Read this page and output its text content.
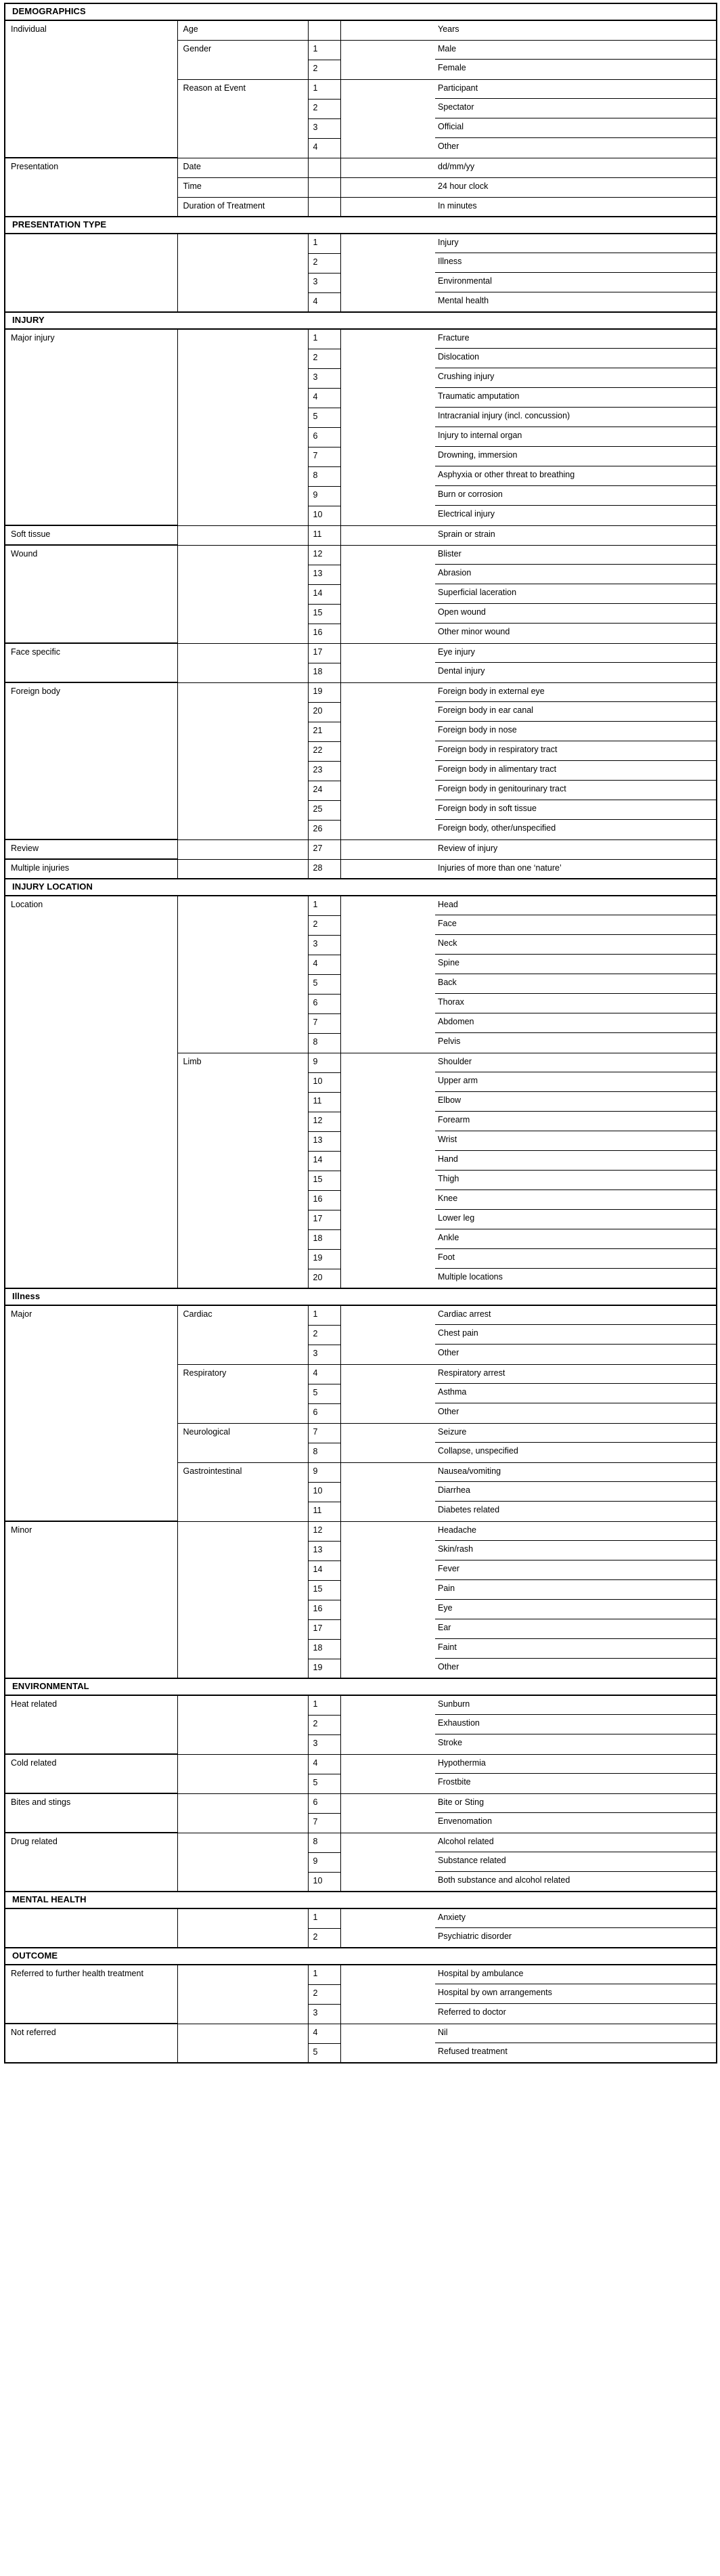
DEMOGRAPHICS				

Individual	Age			Years

	Gender	1		Male

		2		Female

	Reason at Event	1		Participant

		2		Spectator

		3		Official

		4		Other

Presentation	Date			dd/mm/yy

	Time			24 hour clock

	Duration of Treatment			In minutes

PRESENTATION TYPE				

		1		Injury

		2		Illness

		3		Environmental

		4		Mental health

INJURY				

Major injury		1		Fracture

		2		Dislocation

		3		Crushing injury

		4		Traumatic amputation

		5		Intracranial injury (incl. concussion)

		6		Injury to internal organ

		7		Drowning, immersion

		8		Asphyxia or other threat to breathing

		9		Burn or corrosion

		10		Electrical injury

Soft tissue		11		Sprain or strain

Wound		12		Blister

		13		Abrasion

		14		Superficial laceration

		15		Open wound

		16		Other minor wound

Face specific		17		Eye injury

		18		Dental injury

Foreign body		19		Foreign body in external eye

		20		Foreign body in ear canal

		21		Foreign body in nose

		22		Foreign body in respiratory tract

		23		Foreign body in alimentary tract

		24		Foreign body in genitourinary tract

		25		Foreign body in soft tissue

		26		Foreign body, other/unspecified

Review		27		Review of injury

Multiple injuries		28		Injuries of more than one ‘nature’

INJURY LOCATION				

Location		1		Head

		2		Face

		3		Neck

		4		Spine

		5		Back

		6		Thorax

		7		Abdomen

		8		Pelvis

	Limb	9		Shoulder

		10		Upper arm

		11		Elbow

		12		Forearm

		13		Wrist

		14		Hand

		15		Thigh

		16		Knee

		17		Lower leg

		18		Ankle

		19		Foot

		20		Multiple locations

Illness				

Major	Cardiac	1		Cardiac arrest

		2		Chest pain

		3		Other

	Respiratory	4		Respiratory arrest

		5		Asthma

		6		Other

	Neurological	7		Seizure

		8		Collapse, unspecified

	Gastrointestinal	9		Nausea/vomiting

		10		Diarrhea

		11		Diabetes related

Minor		12		Headache

		13		Skin/rash

		14		Fever

		15		Pain

		16		Eye

		17		Ear

		18		Faint

		19		Other

ENVIRONMENTAL				

Heat related		1		Sunburn

		2		Exhaustion

		3		Stroke

Cold related		4		Hypothermia

		5		Frostbite

Bites and stings		6		Bite or Sting

		7		Envenomation

Drug related		8		Alcohol related

		9		Substance related

		10		Both substance and alcohol related

MENTAL HEALTH				

		1		Anxiety

		2		Psychiatric disorder

OUTCOME				

Referred to further health treatment		1		Hospital by ambulance

		2		Hospital by own arrangements

		3		Referred to doctor

Not referred		4		Nil

		5		Refused treatment
